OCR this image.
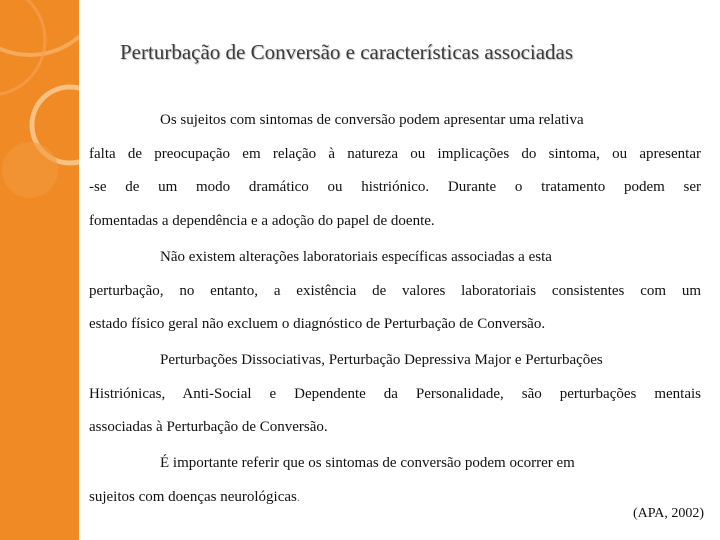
Perturbação de Conversão e características associadas
Os sujeitos com sintomas de conversão podem apresentar uma relativa
falta de preocupação em relação à natureza ou implicações do sintoma, ou apresentar
-se de um modo dramático ou histriónico. Durante o tratamento podem ser
fomentadas a dependência e a adoção do papel de doente.
Não existem alterações laboratoriais específicas associadas a esta
perturbação, no entanto, a existência de valores laboratoriais consistentes com um
estado físico geral não excluem o diagnóstico de Perturbação de Conversão.
Perturbações Dissociativas, Perturbação Depressiva Major e Perturbações
Histriónicas, Anti-Social e Dependente da Personalidade, são perturbações mentais
associadas à Perturbação de Conversão.
É importante referir que os sintomas de conversão podem ocorrer em
sujeitos com doenças neurológicas.
(APA, 2002)
